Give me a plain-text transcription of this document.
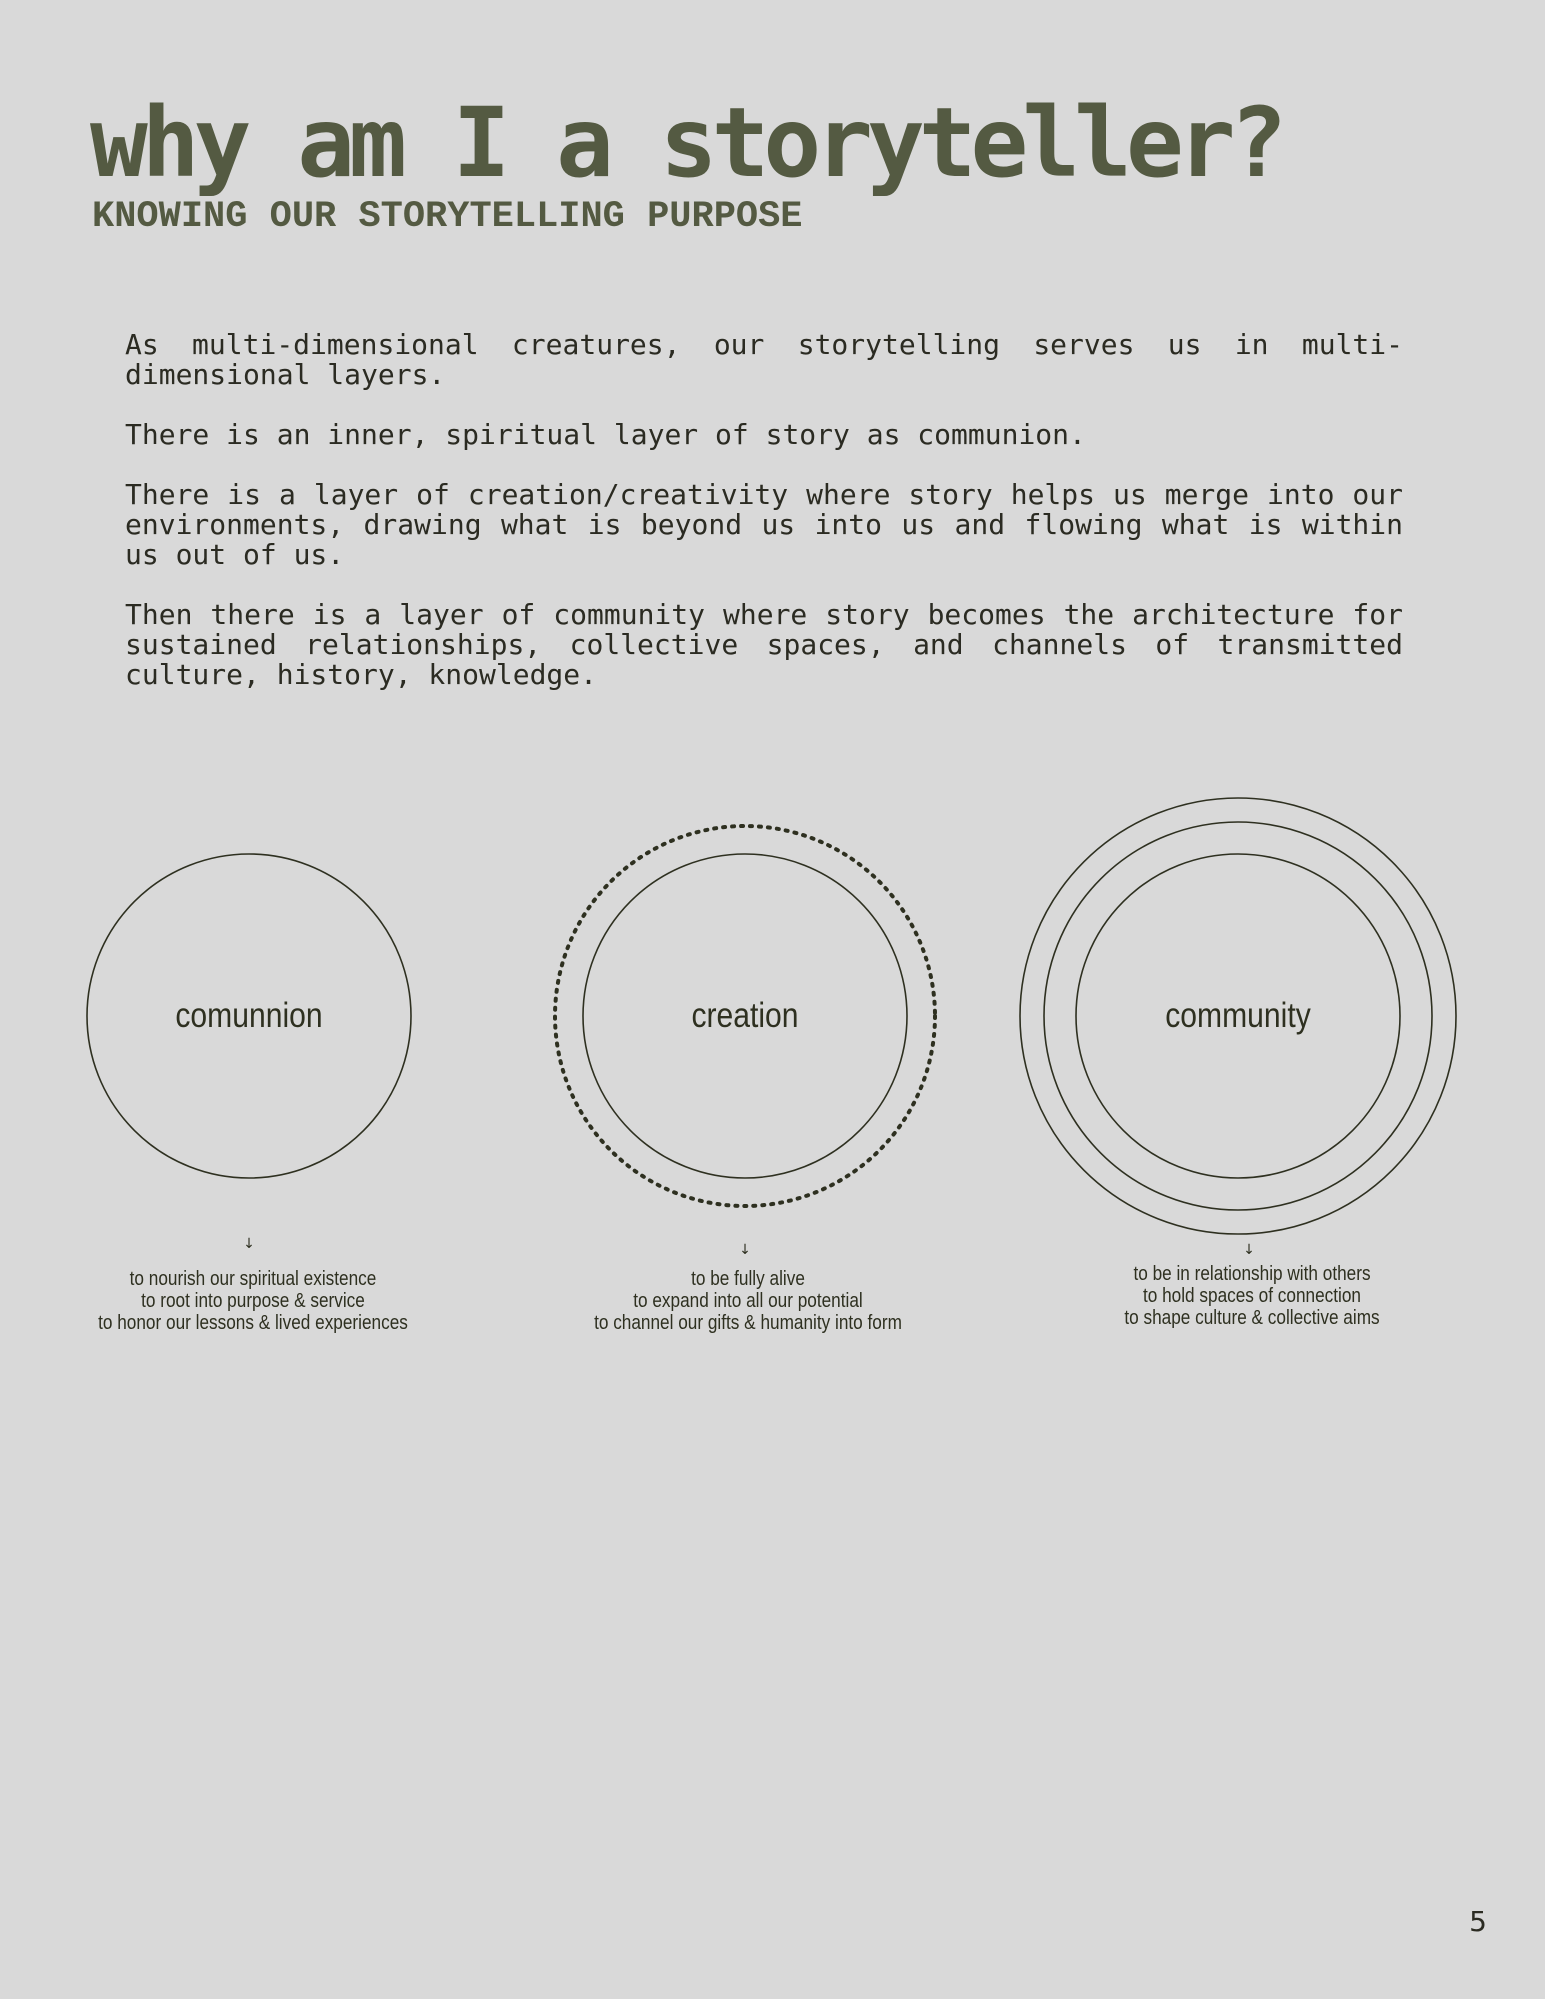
why am I a storyteller?
KNOWING OUR STORYTELLING PURPOSE

As multi-dimensional creatures, our storytelling serves us in multi-dimensional layers.

There is an inner, spiritual layer of story as communion.

There is a layer of creation/creativity where story helps us merge into our environments, drawing what is beyond us into us and flowing what is within us out of us.

Then there is a layer of community where story becomes the architecture for sustained relationships, collective spaces, and channels of transmitted culture, history, knowledge.

comunnion	creation	community
↓	↓	↓
to nourish our spiritual existence
to root into purpose & service
to honor our lessons & lived experiences
to be fully alive
to expand into all our potential
to channel our gifts & humanity into form
to be in relationship with others
to hold spaces of connection
to shape culture & collective aims
5
